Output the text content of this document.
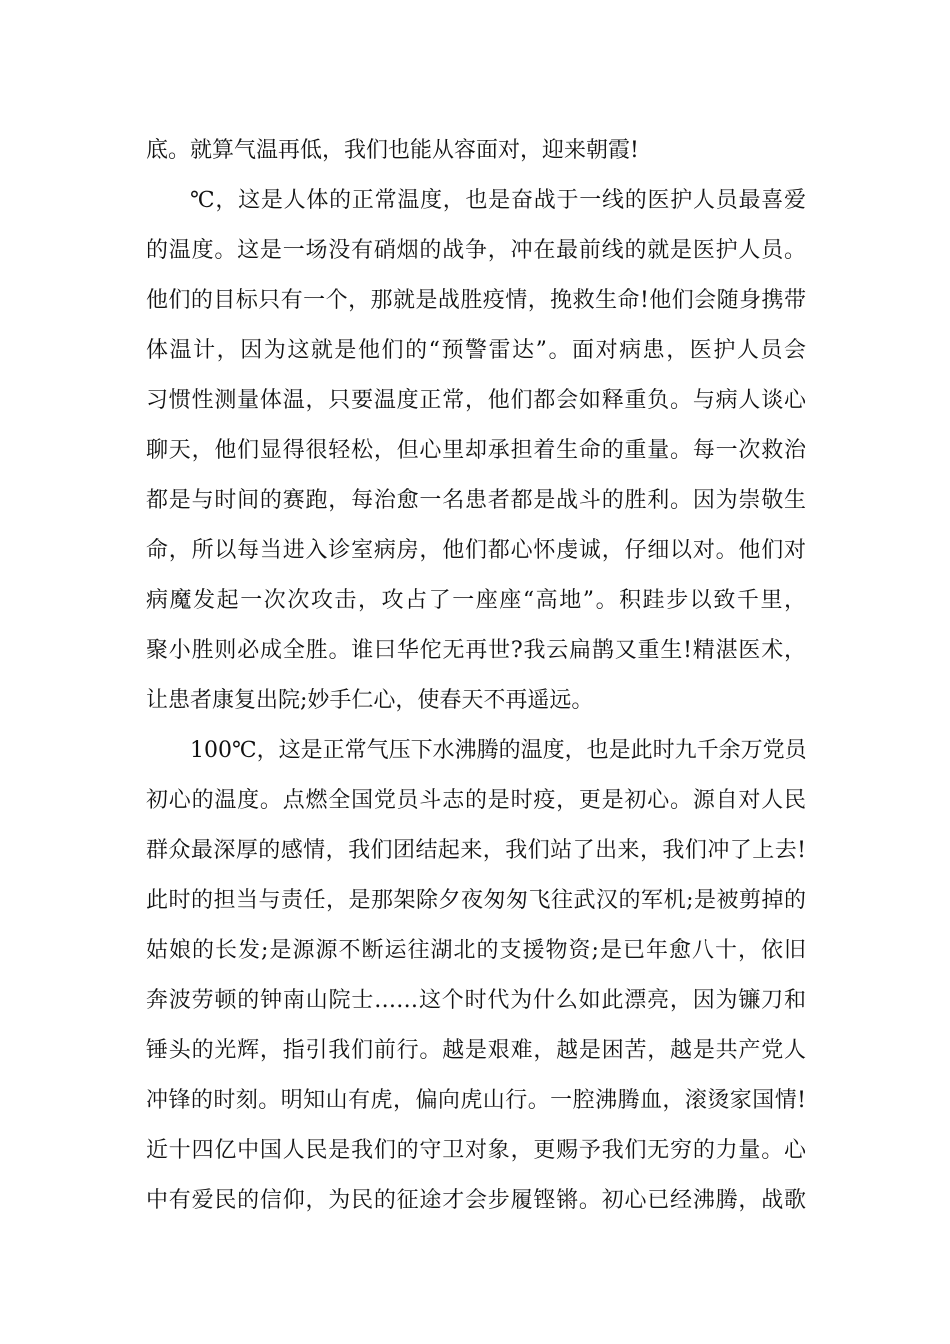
底。就算气温再低，我们也能从容面对，迎来朝霞!
℃，这是人体的正常温度，也是奋战于一线的医护人员最喜爱
的温度。这是一场没有硝烟的战争，冲在最前线的就是医护人员。
他们的目标只有一个，那就是战胜疫情，挽救生命!他们会随身携带
体温计，因为这就是他们的“预警雷达”。面对病患，医护人员会
习惯性测量体温，只要温度正常，他们都会如释重负。与病人谈心
聊天，他们显得很轻松，但心里却承担着生命的重量。每一次救治
都是与时间的赛跑，每治愈一名患者都是战斗的胜利。因为崇敬生
命，所以每当进入诊室病房，他们都心怀虔诚，仔细以对。他们对
病魔发起一次次攻击，攻占了一座座“高地”。积跬步以致千里，
聚小胜则必成全胜。谁曰华佗无再世?我云扁鹊又重生!精湛医术，
让患者康复出院;妙手仁心，使春天不再遥远。
100℃，这是正常气压下水沸腾的温度，也是此时九千余万党员
初心的温度。点燃全国党员斗志的是时疫，更是初心。源自对人民
群众最深厚的感情，我们团结起来，我们站了出来，我们冲了上去!
此时的担当与责任，是那架除夕夜匆匆飞往武汉的军机;是被剪掉的
姑娘的长发;是源源不断运往湖北的支援物资;是已年愈八十，依旧
奔波劳顿的钟南山院士……这个时代为什么如此漂亮，因为镰刀和
锤头的光辉，指引我们前行。越是艰难，越是困苦，越是共产党人
冲锋的时刻。明知山有虎，偏向虎山行。一腔沸腾血，滚烫家国情!
近十四亿中国人民是我们的守卫对象，更赐予我们无穷的力量。心
中有爱民的信仰，为民的征途才会步履铿锵。初心已经沸腾，战歌
